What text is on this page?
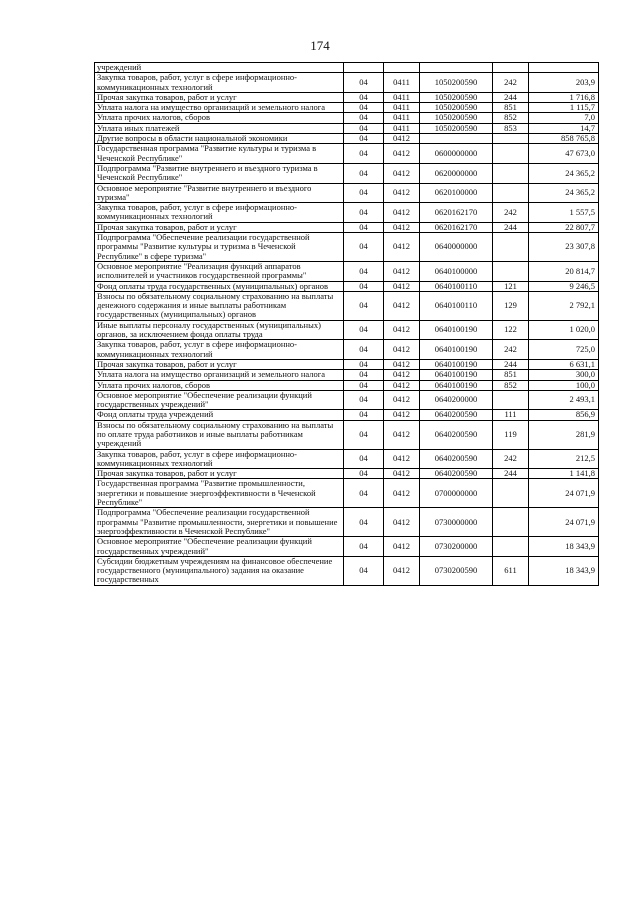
174
учреждений					
Закупка товаров, работ, услуг в сфере информационно-коммуникационных технологий	04	0411	1050200590	242	203,9
Прочая закупка товаров, работ и услуг	04	0411	1050200590	244	1 716,8
Уплата налога на имущество организаций и земельного налога	04	0411	1050200590	851	1 115,7
Уплата прочих налогов, сборов	04	0411	1050200590	852	7,0
Уплата иных платежей	04	0411	1050200590	853	14,7
Другие вопросы в области национальной экономики	04	0412			858 765,8
Государственная программа "Развитие культуры и туризма в Чеченской Республике"	04	0412	0600000000		47 673,0
Подпрограмма "Развитие внутреннего и въездного туризма в Чеченской Республике"	04	0412	0620000000		24 365,2
Основное мероприятие "Развитие внутреннего и въездного туризма"	04	0412	0620100000		24 365,2
Закупка товаров, работ, услуг в сфере информационно-коммуникационных технологий	04	0412	0620162170	242	1 557,5
Прочая закупка товаров, работ и услуг	04	0412	0620162170	244	22 807,7
Подпрограмма "Обеспечение реализации государственной программы "Развитие культуры и туризма в Чеченской Республике" в сфере туризма"	04	0412	0640000000		23 307,8
Основное мероприятие "Реализация функций аппаратов исполнителей и участников государственной программы"	04	0412	0640100000		20 814,7
Фонд оплаты труда государственных (муниципальных) органов	04	0412	0640100110	121	9 246,5
Взносы по обязательному социальному страхованию на выплаты денежного содержания и иные выплаты работникам государственных (муниципальных) органов	04	0412	0640100110	129	2 792,1
Иные выплаты персоналу государственных (муниципальных) органов, за исключением фонда оплаты труда	04	0412	0640100190	122	1 020,0
Закупка товаров, работ, услуг в сфере информационно-коммуникационных технологий	04	0412	0640100190	242	725,0
Прочая закупка товаров, работ и услуг	04	0412	0640100190	244	6 631,1
Уплата налога на имущество организаций и земельного налога	04	0412	0640100190	851	300,0
Уплата прочих налогов, сборов	04	0412	0640100190	852	100,0
Основное мероприятие "Обеспечение реализации функций государственных учреждений"	04	0412	0640200000		2 493,1
Фонд оплаты труда учреждений	04	0412	0640200590	111	856,9
Взносы по обязательному социальному страхованию на выплаты по оплате труда работников и иные выплаты работникам учреждений	04	0412	0640200590	119	281,9
Закупка товаров, работ, услуг в сфере информационно-коммуникационных технологий	04	0412	0640200590	242	212,5
Прочая закупка товаров, работ и услуг	04	0412	0640200590	244	1 141,8
Государственная программа "Развитие промышленности, энергетики и повышение энергоэффективности в Чеченской Республике"	04	0412	0700000000		24 071,9
Подпрограмма "Обеспечение реализации государственной программы "Развитие промышленности, энергетики и повышение энергоэффективности в Чеченской Республике"	04	0412	0730000000		24 071,9
Основное мероприятие "Обеспечение реализации функций государственных учреждений"	04	0412	0730200000		18 343,9
Субсидии бюджетным учреждениям на финансовое обеспечение государственного (муниципального) задания на оказание государственных	04	0412	0730200590	611	18 343,9
